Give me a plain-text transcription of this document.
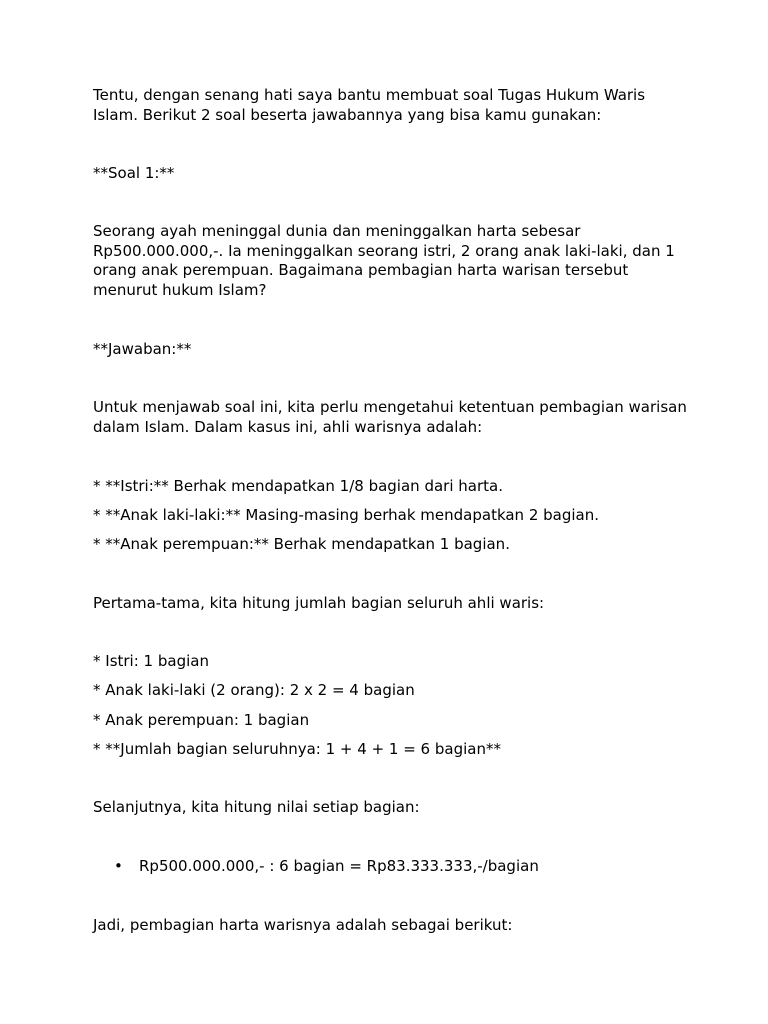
Tentu, dengan senang hati saya bantu membuat soal Tugas Hukum Waris Islam. Berikut 2 soal beserta jawabannya yang bisa kamu gunakan:

**Soal 1:**

Seorang ayah meninggal dunia dan meninggalkan harta sebesar Rp500.000.000,-. Ia meninggalkan seorang istri, 2 orang anak laki-laki, dan 1 orang anak perempuan. Bagaimana pembagian harta warisan tersebut menurut hukum Islam?

**Jawaban:**

Untuk menjawab soal ini, kita perlu mengetahui ketentuan pembagian warisan dalam Islam. Dalam kasus ini, ahli warisnya adalah:

* **Istri:** Berhak mendapatkan 1/8 bagian dari harta.

* **Anak laki-laki:** Masing-masing berhak mendapatkan 2 bagian.

* **Anak perempuan:** Berhak mendapatkan 1 bagian.

Pertama-tama, kita hitung jumlah bagian seluruh ahli waris:

* Istri: 1 bagian

* Anak laki-laki (2 orang): 2 x 2 = 4 bagian

* Anak perempuan: 1 bagian

* **Jumlah bagian seluruhnya: 1 + 4 + 1 = 6 bagian**

Selanjutnya, kita hitung nilai setiap bagian:

• Rp500.000.000,- : 6 bagian = Rp83.333.333,-/bagian

Jadi, pembagian harta warisnya adalah sebagai berikut:
